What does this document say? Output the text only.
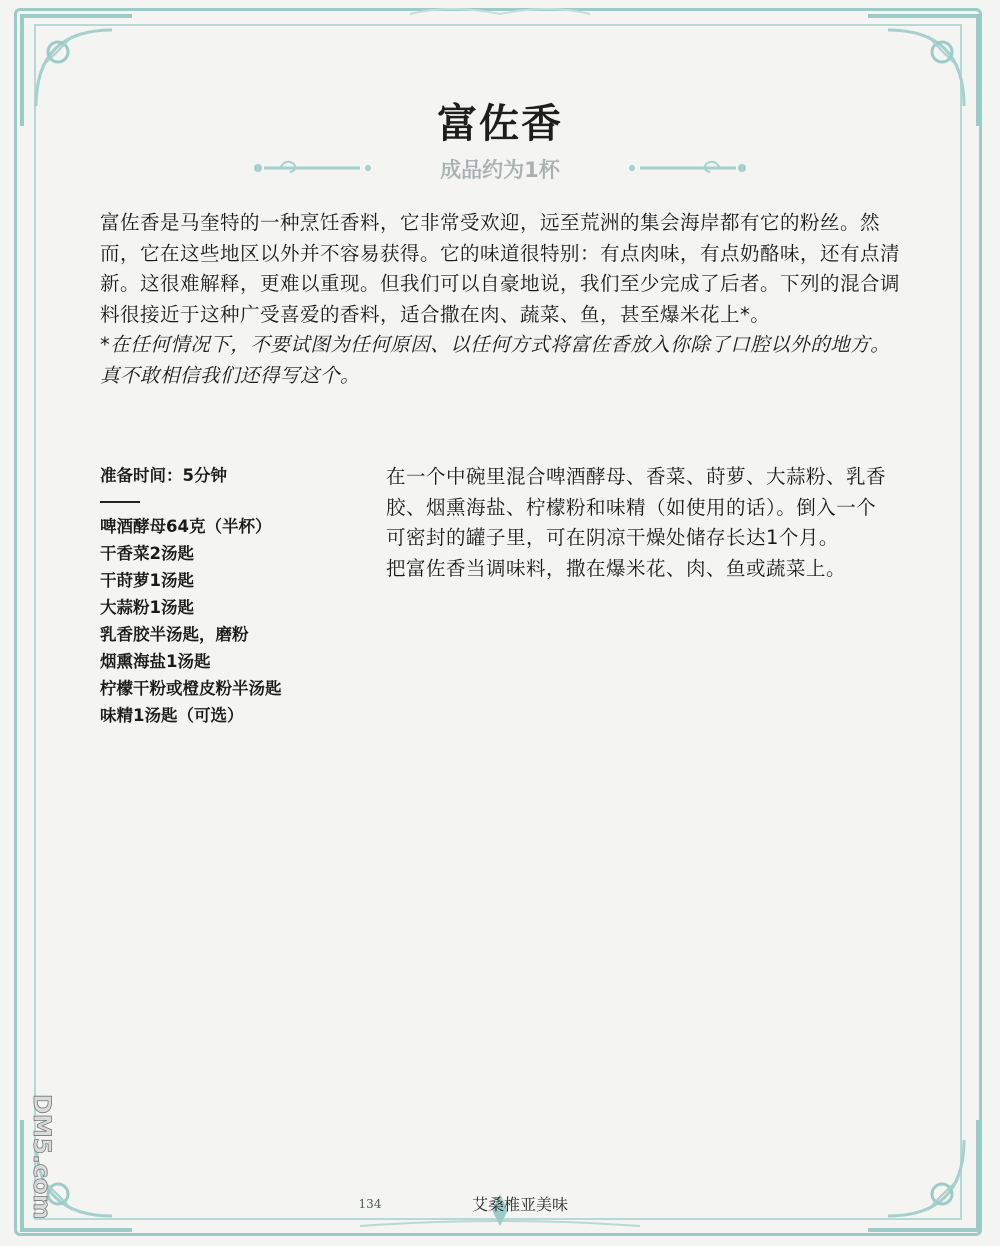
富佐香
成品约为1杯

富佐香是马奎特的一种烹饪香料，它非常受欢迎，远至荒洲的集会海岸都有它的粉丝。然而，它在这些地区以外并不容易获得。它的味道很特别：有点肉味，有点奶酪味，还有点清新。这很难解释，更难以重现。但我们可以自豪地说，我们至少完成了后者。下列的混合调料很接近于这种广受喜爱的香料，适合撒在肉、蔬菜、鱼，甚至爆米花上*。

*在任何情况下，不要试图为任何原因、以任何方式将富佐香放入你除了口腔以外的地方。真不敢相信我们还得写这个。

准备时间：5分钟
啤酒酵母64克（半杯）
干香菜2汤匙
干莳萝1汤匙
大蒜粉1汤匙
乳香胶半汤匙，磨粉
烟熏海盐1汤匙
柠檬干粉或橙皮粉半汤匙
味精1汤匙（可选）

在一个中碗里混合啤酒酵母、香菜、莳萝、大蒜粉、乳香胶、烟熏海盐、柠檬粉和味精（如使用的话）。倒入一个可密封的罐子里，可在阴凉干燥处储存长达1个月。

把富佐香当调味料，撒在爆米花、肉、鱼或蔬菜上。

134	艾桑椎亚美味
DM5.com
